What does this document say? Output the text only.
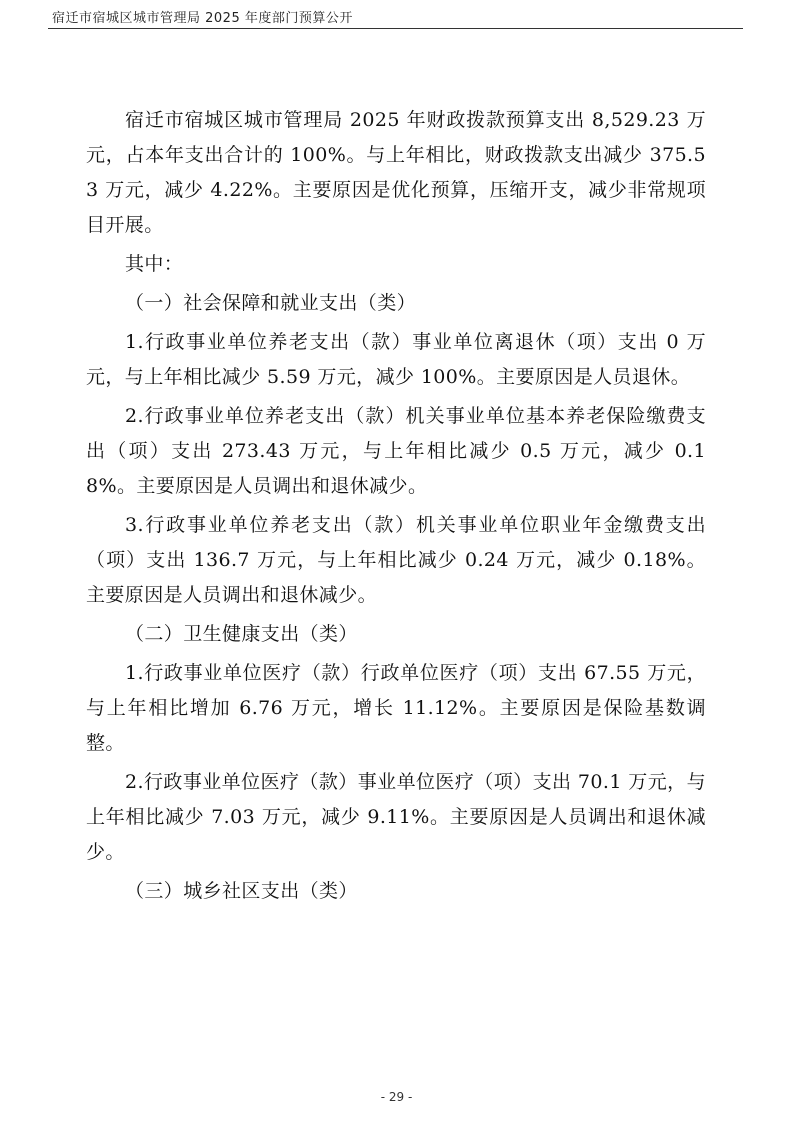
宿迁市宿城区城市管理局 2025 年度部门预算公开

宿迁市宿城区城市管理局 2025 年财政拨款预算支出 8,529.23 万元，占本年支出合计的 100%。与上年相比，财政拨款支出减少 375.53 万元，减少 4.22%。主要原因是优化预算，压缩开支，减少非常规项目开展。

其中：

（一）社会保障和就业支出（类）

1.行政事业单位养老支出（款）事业单位离退休（项）支出 0 万元，与上年相比减少 5.59 万元，减少 100%。主要原因是人员退休。

2.行政事业单位养老支出（款）机关事业单位基本养老保险缴费支出（项）支出 273.43 万元，与上年相比减少 0.5 万元，减少 0.18%。主要原因是人员调出和退休减少。

3.行政事业单位养老支出（款）机关事业单位职业年金缴费支出（项）支出 136.7 万元，与上年相比减少 0.24 万元，减少 0.18%。主要原因是人员调出和退休减少。

（二）卫生健康支出（类）

1.行政事业单位医疗（款）行政单位医疗（项）支出 67.55 万元，与上年相比增加 6.76 万元，增长 11.12%。主要原因是保险基数调整。

2.行政事业单位医疗（款）事业单位医疗（项）支出 70.1 万元，与上年相比减少 7.03 万元，减少 9.11%。主要原因是人员调出和退休减少。

（三）城乡社区支出（类）

- 29 -
